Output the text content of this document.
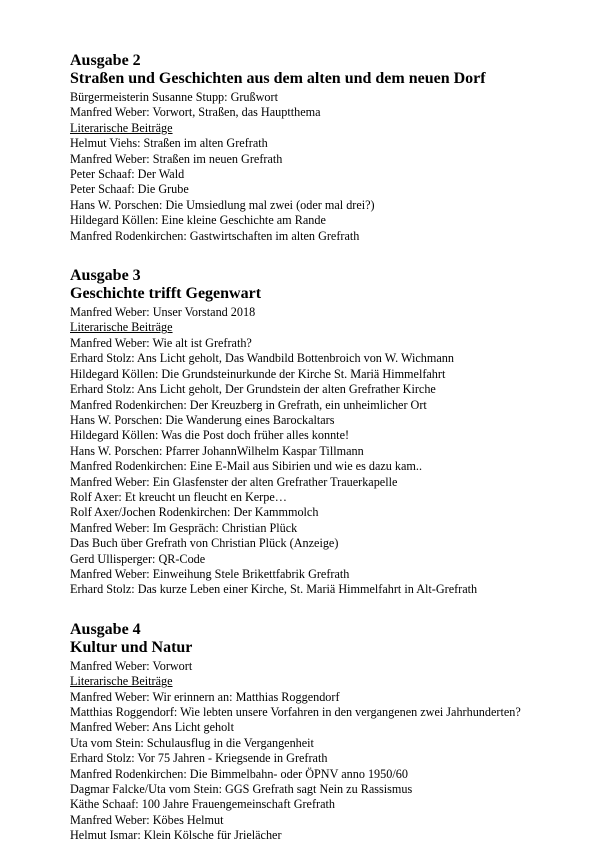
Ausgabe 2
Straßen und Geschichten aus dem alten und dem neuen Dorf
Bürgermeisterin Susanne Stupp: Grußwort
Manfred Weber: Vorwort, Straßen, das Hauptthema
Literarische Beiträge
Helmut Viehs: Straßen im alten Grefrath
Manfred Weber: Straßen im neuen Grefrath
Peter Schaaf: Der Wald
Peter Schaaf: Die Grube
Hans W. Porschen: Die Umsiedlung mal zwei (oder mal drei?)
Hildegard Köllen: Eine kleine Geschichte am Rande
Manfred Rodenkirchen: Gastwirtschaften im alten Grefrath
Ausgabe 3
Geschichte trifft Gegenwart
Manfred Weber: Unser Vorstand 2018
Literarische Beiträge
Manfred Weber: Wie alt ist Grefrath?
Erhard Stolz: Ans Licht geholt, Das Wandbild Bottenbroich von W. Wichmann
Hildegard Köllen: Die Grundsteinurkunde der Kirche St. Mariä Himmelfahrt
Erhard Stolz: Ans Licht geholt, Der Grundstein der alten Grefrather Kirche
Manfred Rodenkirchen: Der Kreuzberg in Grefrath, ein unheimlicher Ort
Hans W. Porschen: Die Wanderung eines Barockaltars
Hildegard Köllen: Was die Post doch früher alles konnte!
Hans W. Porschen: Pfarrer JohannWilhelm Kaspar Tillmann
Manfred Rodenkirchen: Eine E-Mail aus Sibirien und wie es dazu kam..
Manfred Weber: Ein Glasfenster der alten Grefrather Trauerkapelle
Rolf Axer: Et kreucht un fleucht en Kerpe…
Rolf Axer/Jochen Rodenkirchen: Der Kammmolch
Manfred Weber: Im Gespräch: Christian Plück
Das Buch über Grefrath von Christian Plück (Anzeige)
Gerd Ullisperger: QR-Code
Manfred Weber: Einweihung Stele Brikettfabrik Grefrath
Erhard Stolz: Das kurze Leben einer Kirche, St. Mariä Himmelfahrt in Alt-Grefrath
Ausgabe 4
Kultur und Natur
Manfred Weber: Vorwort
Literarische Beiträge
Manfred Weber: Wir erinnern an: Matthias Roggendorf
Matthias Roggendorf: Wie lebten unsere Vorfahren in den vergangenen zwei Jahrhunderten?
Manfred Weber: Ans Licht geholt
Uta vom Stein: Schulausflug in die Vergangenheit
Erhard Stolz: Vor 75 Jahren - Kriegsende in Grefrath
Manfred Rodenkirchen: Die Bimmelbahn- oder ÖPNV anno 1950/60
Dagmar Falcke/Uta vom Stein: GGS Grefrath sagt Nein zu Rassismus
Käthe Schaaf: 100 Jahre Frauengemeinschaft Grefrath
Manfred Weber: Köbes Helmut
Helmut Ismar: Klein Kölsche für Jrielächer
